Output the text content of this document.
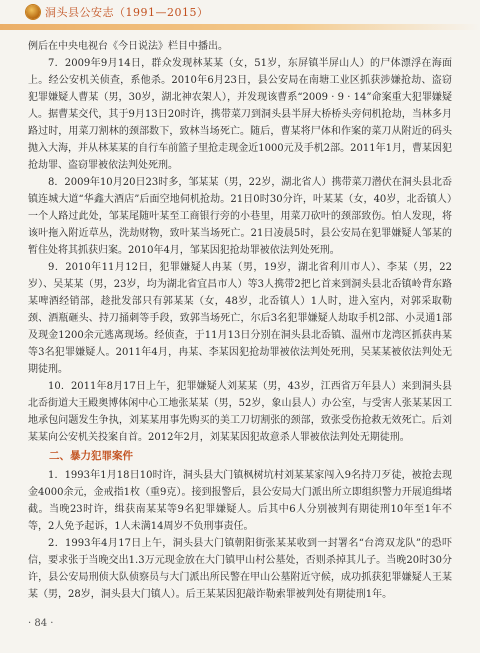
洞头县公安志（1991—2015）

例后在中央电视台《今日说法》栏目中播出。

7．2009年9月14日，群众发现林某某（女，51岁，东屏镇半屏山人）的尸体漂浮在海面上。经公安机关侦查，系他杀。2010年6月23日，县公安局在南塘工业区抓获涉嫌抢劫、盗窃犯罪嫌疑人曹某（男，30岁，湖北神农架人），并发现该曹系“2009 · 9 · 14”命案重大犯罪嫌疑人。据曹某交代，其于9月13日20时许，携带菜刀到洞头县半屏大桥桥头旁伺机抢劫，当林多月路过时，用菜刀割林的颈部数下，致林当场死亡。随后，曹某将尸体和作案的菜刀从附近的码头抛入大海，并从林某某的自行车前篮子里抢走现金近1000元及手机2部。2011年1月，曹某因犯抢劫罪、盗窃罪被依法判处死刑。

8．2009年10月20日23时多，邹某某（男，22岁，湖北省人）携带菜刀潜伏在洞头县北岙镇连城大道“华鑫大酒店”后面空地伺机抢劫。21日0时30分许，叶某某（女，40岁，北岙镇人）一个人路过此处，邹某尾随叶某至工商银行旁的小巷里，用菜刀砍叶的颈部致伤。怕人发现，将该叶拖入附近草丛，洗劫财物，致叶某当场死亡。21日凌晨5时，县公安局在犯罪嫌疑人邹某的暂住处将其抓获归案。2010年4月，邹某因犯抢劫罪被依法判处死刑。

9．2010年11月12日，犯罪嫌疑人冉某（男，19岁，湖北省利川市人）、李某（男，22岁）、吴某某（男，23岁，均为湖北省宜昌市人）等3人携带2把匕首来到洞头县北岙镇岭背东路某啤酒经销部，趁批发部只有郭某某（女，48岁，北岙镇人）1人时，进入室内，对郭采取勒颈、酒瓶砸头、持刀捅刺等手段，致郭当场死亡，尔后3名犯罪嫌疑人劫取手机2部、小灵通1部及现金1200余元逃离现场。经侦查，于11月13日分别在洞头县北岙镇、温州市龙湾区抓获冉某等3名犯罪嫌疑人。2011年4月，冉某、李某因犯抢劫罪被依法判处死刑，吴某某被依法判处无期徒刑。

10．2011年8月17日上午，犯罪嫌疑人刘某某（男，43岁，江西省万年县人）来到洞头县北岙街道大王殿奥博体闲中心工地张某某（男，52岁，象山县人）办公室，与受害人张某某因工地承包问题发生争执，刘某某用事先购买的美工刀切割张的颈部，致张受伤抢救无效死亡。后刘某某向公安机关投案自首。2012年2月，刘某某因犯故意杀人罪被依法判处无期徒刑。

二、暴力犯罪案件

1．1993年1月18日10时许，洞头县大门镇枫树坑村刘某某家闯入9名持刀歹徒，被抢去现金4000余元，金戒指1枚（重9克）。接到报警后，县公安局大门派出所立即组织警力开展追缉堵截。当晚23时许，缉获南某某等9名犯罪嫌疑人。后其中6人分别被判有期徒刑10年至1年不等，2人免予起诉，1人未满14周岁不负刑事责任。

2．1993年4月17日上午，洞头县大门镇朝阳街张某某收到一封署名“台湾双龙队”的恐吓信，要求张于当晚交出1.3万元现金放在大门镇甲山村公墓处，否则杀掉其儿子。当晚20时30分许，县公安局刑侦大队侦察员与大门派出所民警在甲山公墓附近守候，成功抓获犯罪嫌疑人王某某（男，28岁，洞头县大门镇人）。后王某某因犯敲诈勒索罪被判处有期徒刑1年。

· 84 ·
